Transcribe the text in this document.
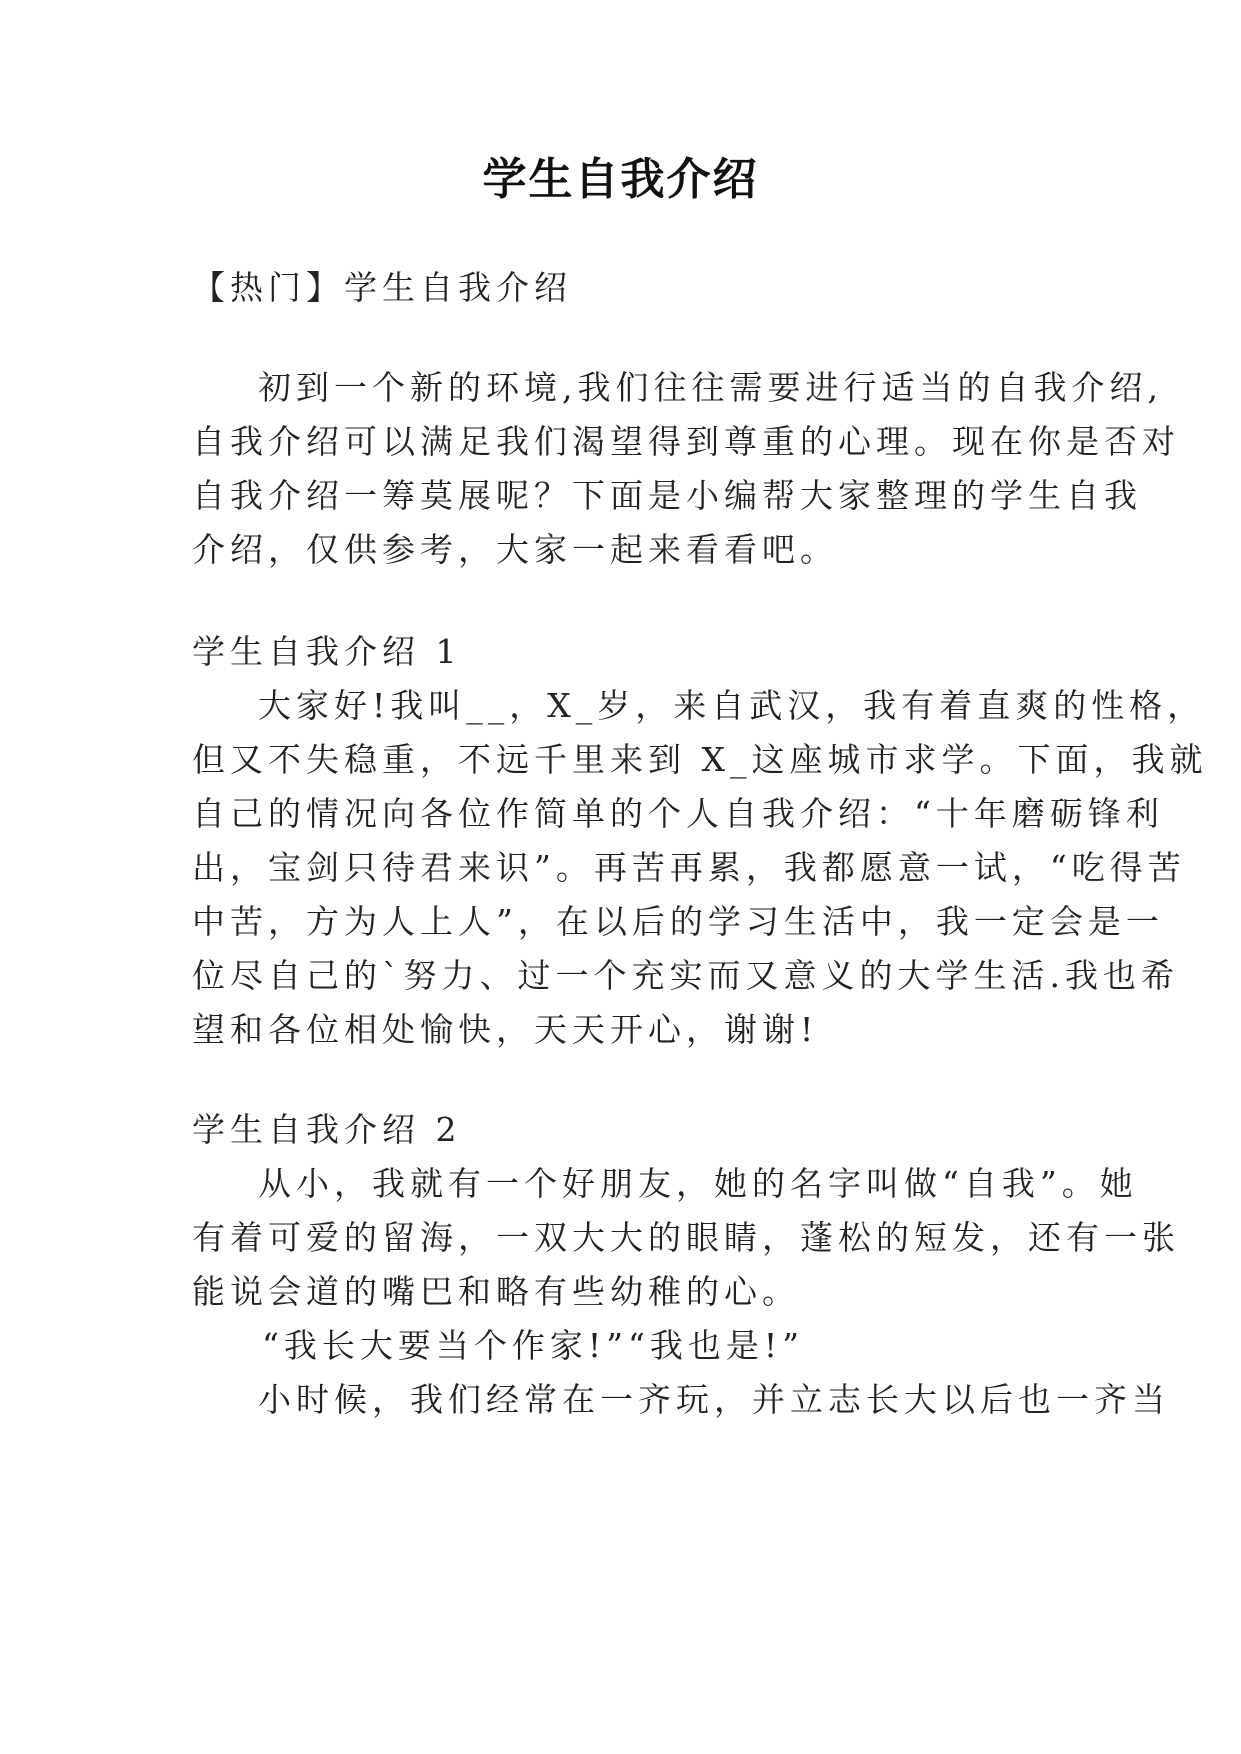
学生自我介绍
【热门】学生自我介绍
初到一个新的环境,我们往往需要进行适当的自我介绍,
自我介绍可以满足我们渴望得到尊重的心理。现在你是否对
自我介绍一筹莫展呢？下面是小编帮大家整理的学生自我
介绍，仅供参考，大家一起来看看吧。
学生自我介绍 1
大家好!我叫__，X_岁，来自武汉，我有着直爽的性格，
但又不失稳重，不远千里来到 X_这座城市求学。下面，我就
自己的情况向各位作简单的个人自我介绍：“十年磨砺锋利
出，宝剑只待君来识”。再苦再累，我都愿意一试，“吃得苦
中苦，方为人上人”，在以后的学习生活中，我一定会是一
位尽自己的`努力、过一个充实而又意义的大学生活.我也希
望和各位相处愉快，天天开心，谢谢!
学生自我介绍 2
从小，我就有一个好朋友，她的名字叫做“自我”。她
有着可爱的留海，一双大大的眼睛，蓬松的短发，还有一张
能说会道的嘴巴和略有些幼稚的心。
“我长大要当个作家!”“我也是!”
小时候，我们经常在一齐玩，并立志长大以后也一齐当
